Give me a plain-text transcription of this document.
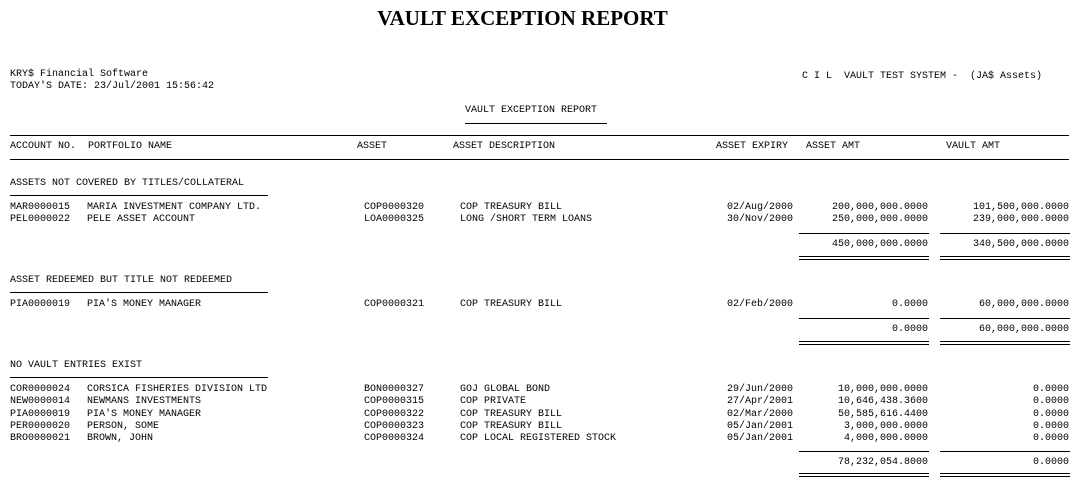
VAULT EXCEPTION REPORT
KRY$ Financial Software
TODAY'S DATE: 23/Jul/2001 15:56:42
C I L  VAULT TEST SYSTEM -  (JA$ Assets)
VAULT EXCEPTION REPORT
ACCOUNT NO. PORTFOLIO NAME	ASSET	ASSET DESCRIPTION	ASSET EXPIRY ASSET AMT	VAULT AMT
ASSETS NOT COVERED BY TITLES/COLLATERAL
MAR0000015 MARIA INVESTMENT COMPANY LTD.	COP0000320	COP TREASURY BILL	02/Aug/2000	200,000,000.0000	101,500,000.0000
PEL0000022 PELE ASSET ACCOUNT	LOA0000325	LONG /SHORT TERM LOANS	30/Nov/2000	250,000,000.0000	239,000,000.0000
450,000,000.0000	340,500,000.0000
ASSET REDEEMED BUT TITLE NOT REDEEMED
PIA0000019 PIA'S MONEY MANAGER	COP0000321	COP TREASURY BILL	02/Feb/2000	0.0000	60,000,000.0000
0.0000	60,000,000.0000
NO VAULT ENTRIES EXIST
COR0000024 CORSICA FISHERIES DIVISION LTD	BON0000327	GOJ GLOBAL BOND	29/Jun/2000	10,000,000.0000	0.0000
NEW0000014 NEWMANS INVESTMENTS	COP0000315	COP PRIVATE	27/Apr/2001	10,646,438.3600	0.0000
PIA0000019 PIA'S MONEY MANAGER	COP0000322	COP TREASURY BILL	02/Mar/2000	50,585,616.4400	0.0000
PER0000020 PERSON, SOME	COP0000323	COP TREASURY BILL	05/Jan/2001	3,000,000.0000	0.0000
BRO0000021 BROWN, JOHN	COP0000324	COP LOCAL REGISTERED STOCK	05/Jan/2001	4,000,000.0000	0.0000
78,232,054.8000	0.0000
